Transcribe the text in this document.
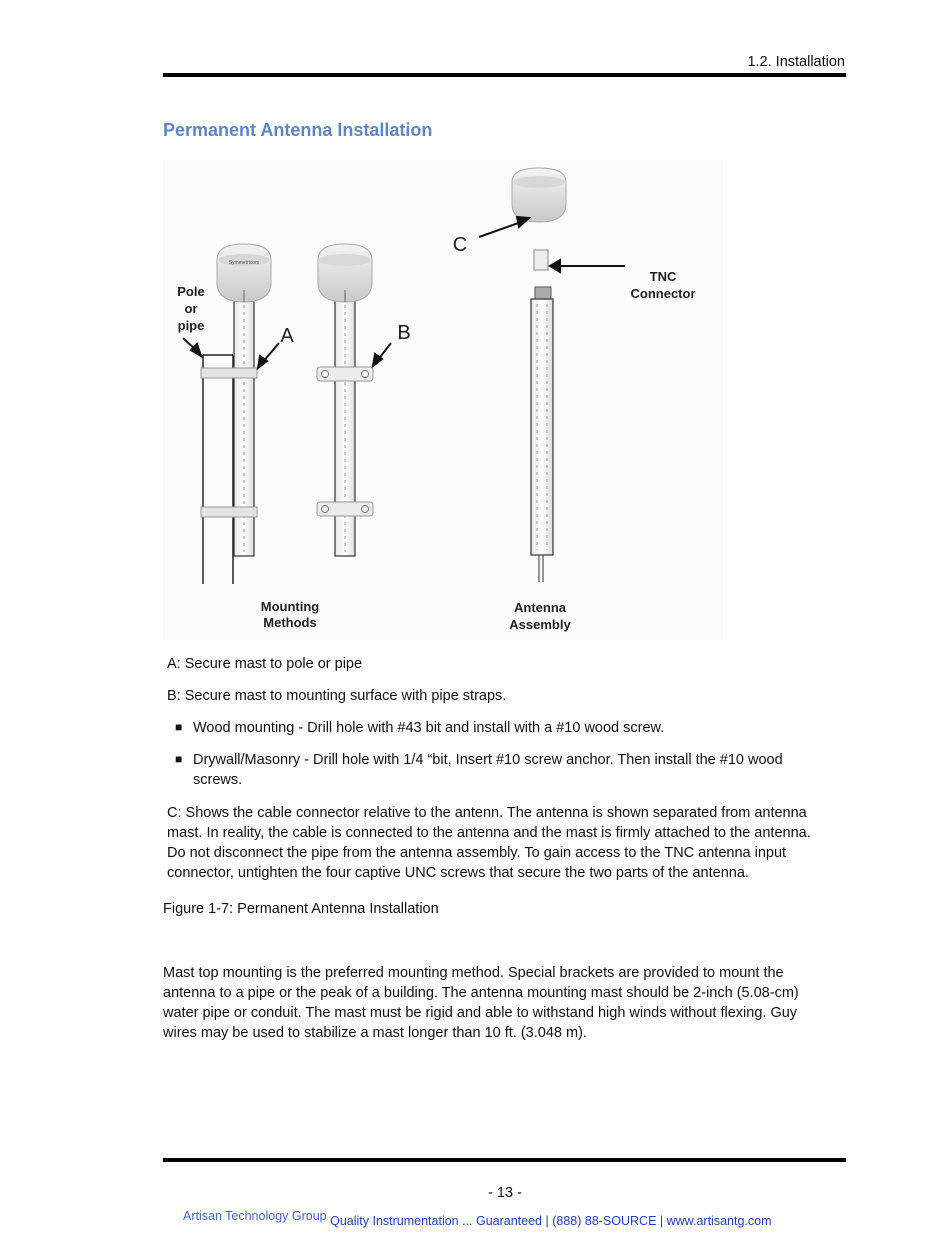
1.2. Installation
Permanent Antenna Installation
Symmetricom
Pole
or
pipe	A	B
C
TNC
Connector
Mounting
Methods
Antenna
Assembly
A: Secure mast to pole or pipe
B: Secure mast to mounting surface with pipe straps.
■ Wood mounting - Drill hole with #43 bit and install with a #10 wood screw.
■ Drywall/Masonry - Drill hole with 1/4 “bit, Insert #10 screw anchor. Then install the #10 wood
screws.
C: Shows the cable connector relative to the antenn. The antenna is shown separated from antenna
mast. In reality, the cable is connected to the antenna and the mast is firmly attached to the antenna.
Do not disconnect the pipe from the antenna assembly. To gain access to the TNC antenna input
connector, untighten the four captive UNC screws that secure the two parts of the antenna.
Figure 1-7: Permanent Antenna Installation
Mast top mounting is the preferred mounting method. Special brackets are provided to mount the
antenna to a pipe or the peak of a building. The antenna mounting mast should be 2-inch (5.08-cm)
water pipe or conduit. The mast must be rigid and able to withstand high winds without flexing. Guy
wires may be used to stabilize a mast longer than 10 ft. (3.048 m).
- 13 -
Artisan Technology Group Quality Instrumentation ... Guaranteed | (888) 88-SOURCE | www.artisantg.com
